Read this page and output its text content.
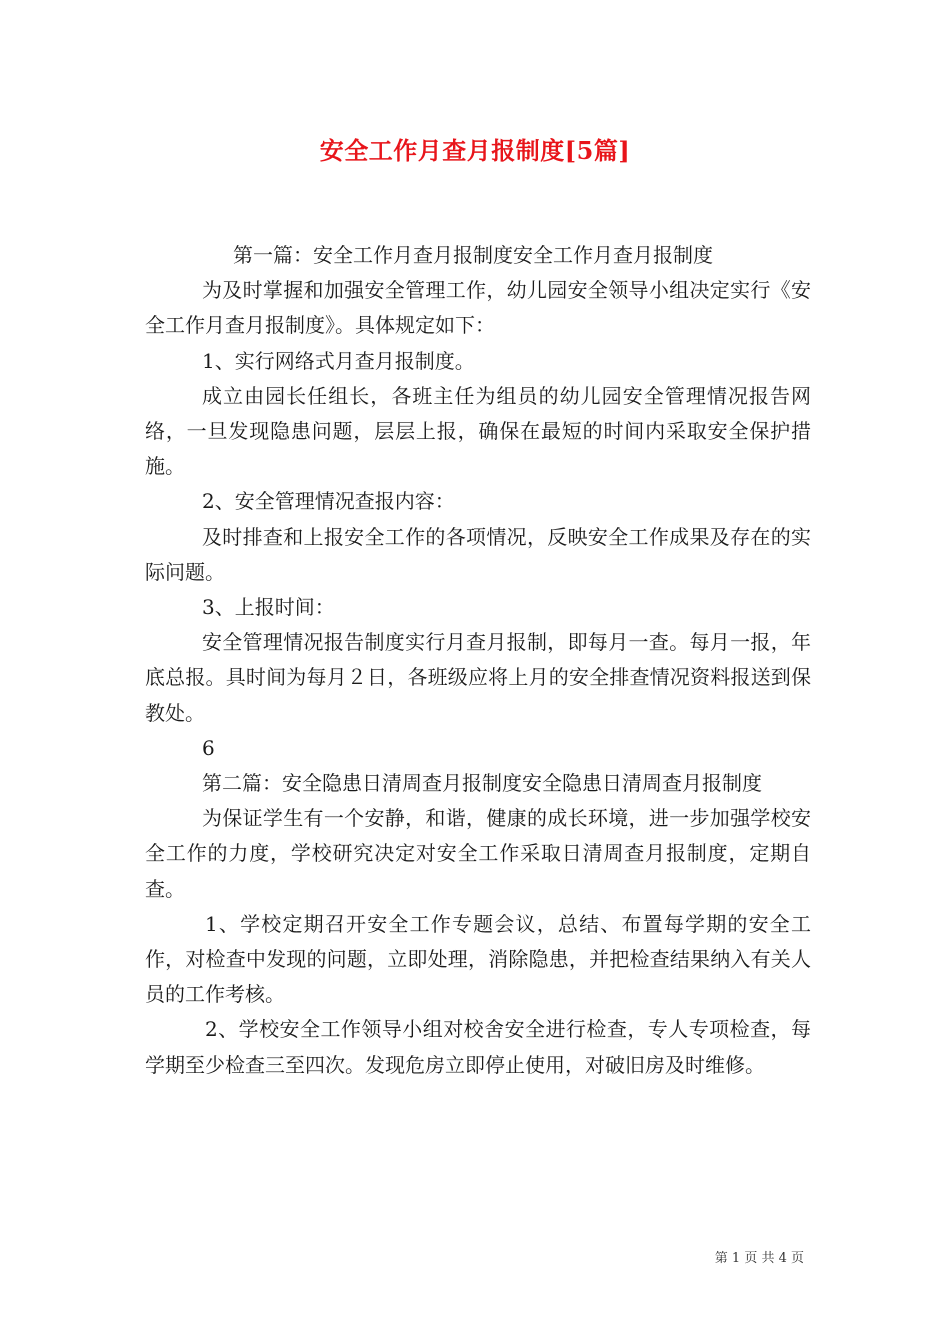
安全工作月查月报制度[5篇]

第一篇：安全工作月查月报制度安全工作月查月报制度

为及时掌握和加强安全管理工作，幼儿园安全领导小组决定实行《安全工作月查月报制度》。具体规定如下：

1、实行网络式月查月报制度。

成立由园长任组长，各班主任为组员的幼儿园安全管理情况报告网络，一旦发现隐患问题，层层上报，确保在最短的时间内采取安全保护措施。

2、安全管理情况查报内容：

及时排查和上报安全工作的各项情况，反映安全工作成果及存在的实际问题。

3、上报时间：

安全管理情况报告制度实行月查月报制，即每月一查。每月一报，年底总报。具时间为每月２日，各班级应将上月的安全排查情况资料报送到保教处。

6

第二篇：安全隐患日清周查月报制度安全隐患日清周查月报制度

为保证学生有一个安静，和谐，健康的成长环境，进一步加强学校安全工作的力度，学校研究决定对安全工作采取日清周查月报制度，定期自查。

1、学校定期召开安全工作专题会议，总结、布置每学期的安全工作，对检查中发现的问题，立即处理，消除隐患，并把检查结果纳入有关人员的工作考核。

2、学校安全工作领导小组对校舍安全进行检查，专人专项检查，每学期至少检查三至四次。发现危房立即停止使用，对破旧房及时维修。

第 1 页 共 4 页
